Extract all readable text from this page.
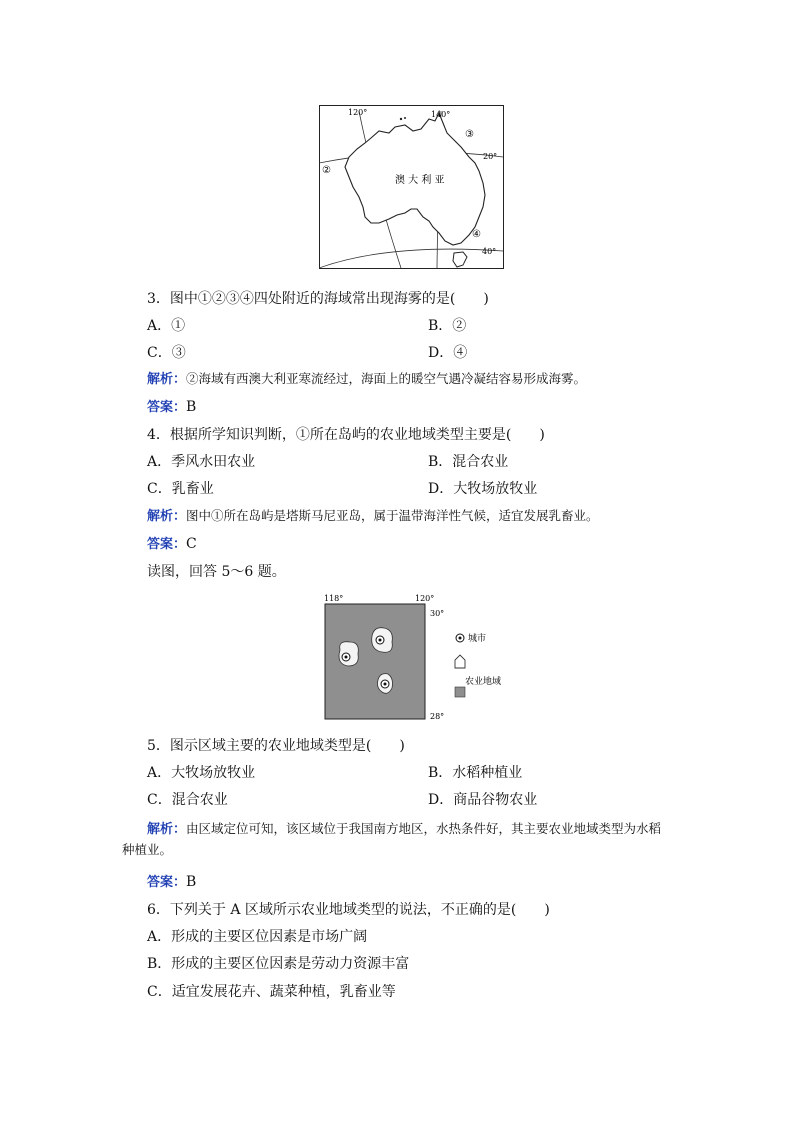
120°	140°
20°
40°
澳 大 利 亚
②
③
④
①
3．图中①②③④四处附近的海域常出现海雾的是(　　)
A．①	B．②
C．③	D．④
解析：②海域有西澳大利亚寒流经过，海面上的暖空气遇冷凝结容易形成海雾。
答案：B
4．根据所学知识判断，①所在岛屿的农业地域类型主要是(　　)
A．季风水田农业	B．混合农业
C．乳畜业	D．大牧场放牧业
解析：图中①所在岛屿是塔斯马尼亚岛，属于温带海洋性气候，适宜发展乳畜业。
答案：C
读图，回答 5～6 题。
118°	120°
30°
28°
城市
农业地域
5．图示区域主要的农业地域类型是(　　)
A．大牧场放牧业	B．水稻种植业
C．混合农业	D．商品谷物农业
解析：由区域定位可知，该区域位于我国南方地区，水热条件好，其主要农业地域类型为水稻种植业。
答案：B
6．下列关于 A 区域所示农业地域类型的说法，不正确的是(　　)
A．形成的主要区位因素是市场广阔
B．形成的主要区位因素是劳动力资源丰富
C．适宜发展花卉、蔬菜种植，乳畜业等
